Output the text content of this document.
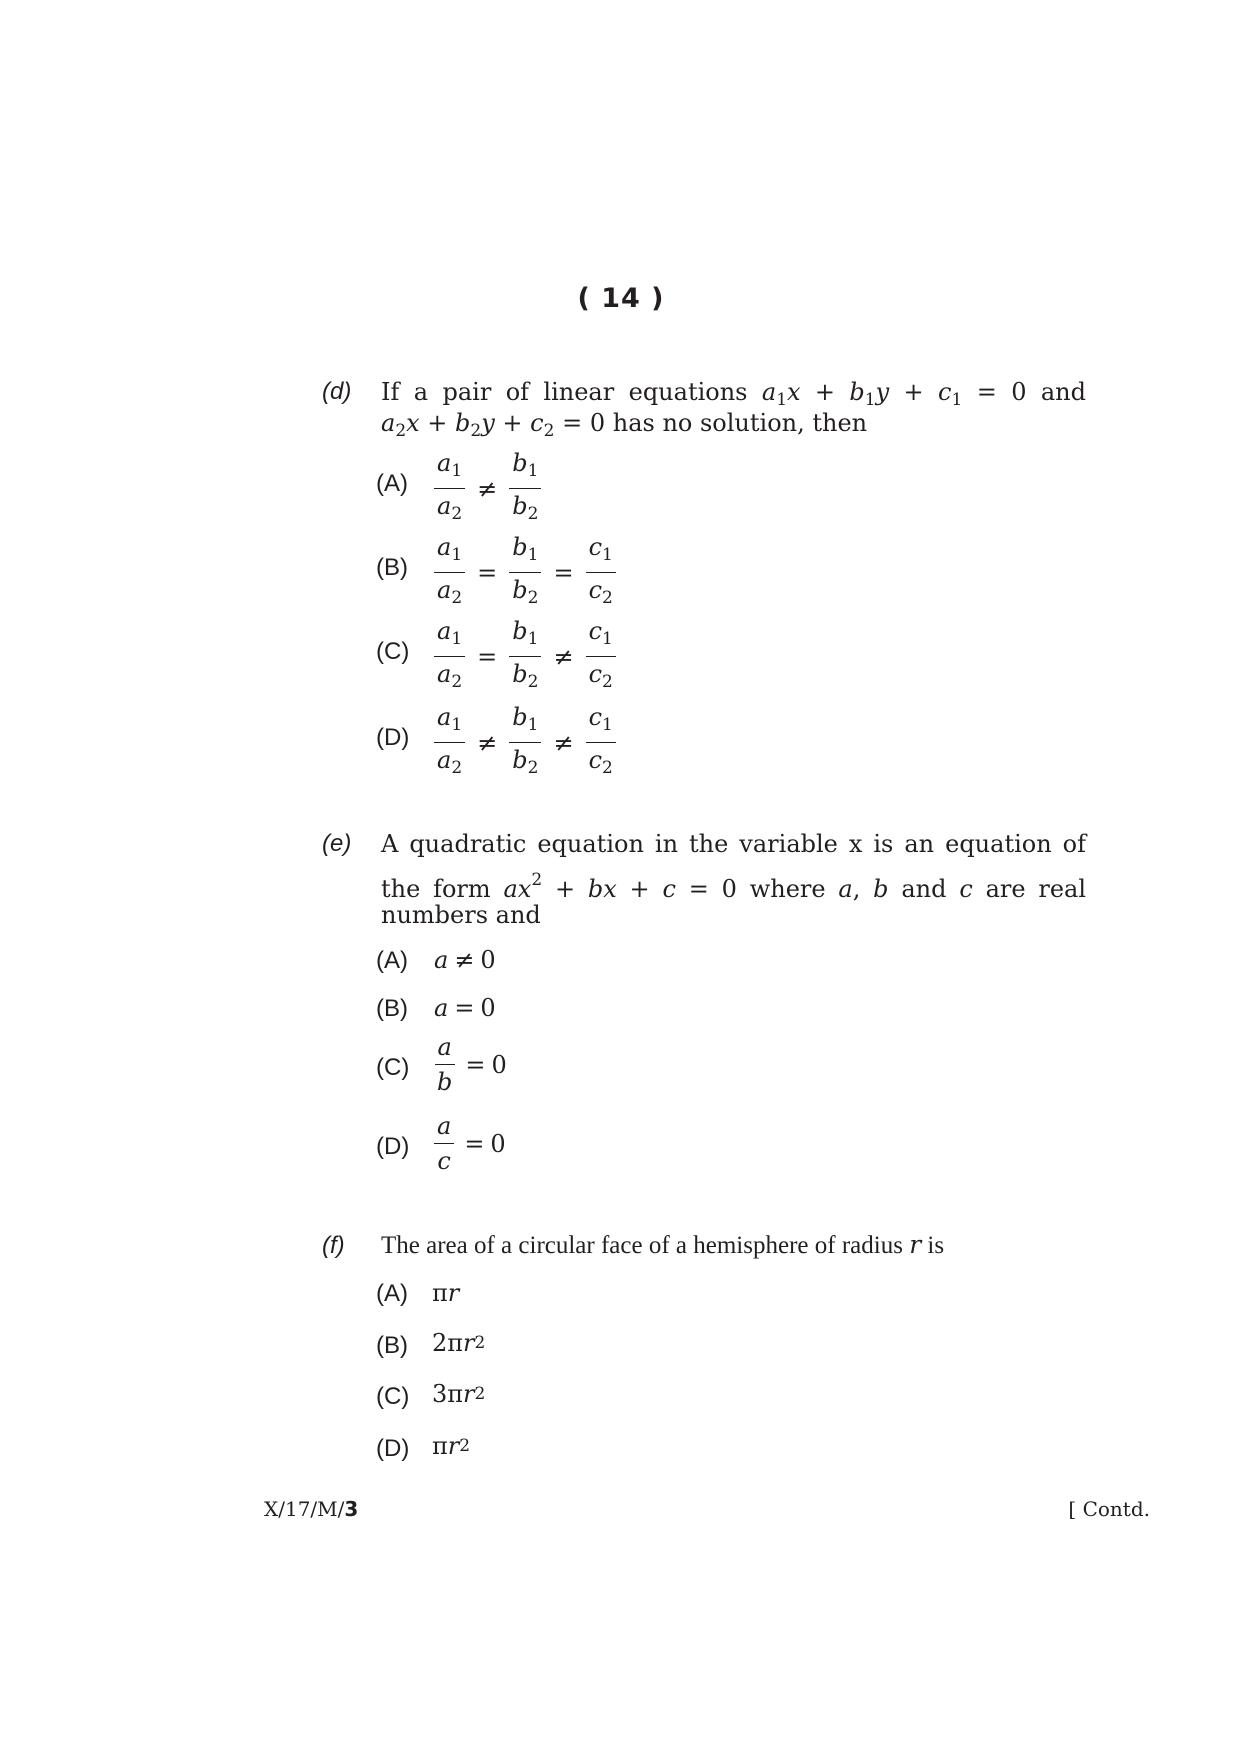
( 14 )
(d) If a pair of linear equations $a_1x + b_1y + c_1 = 0$ and
$a_2x + b_2y + c_2 = 0$ has no solution, then
$(A) \frac{a_1}{a_2} \ne \frac{b_1}{b_2}$
$(B) \frac{a_1}{a_2} = \frac{b_1}{b_2} = \frac{c_1}{c_2}$
$(C) \frac{a_1}{a_2} = \frac{b_1}{b_2} \ne \frac{c_1}{c_2}$
$(D) \frac{a_1}{a_2} \ne \frac{b_1}{b_2} \ne \frac{c_1}{c_2}$
(e) A quadratic equation in the variable x is an equation of
the form $ax^2$ + bx + c = 0 where a, b and c are real
numbers and
(A) a ≠ 0
(B) a = 0
$(C) \frac{a}{b} = 0$
$(D) \frac{a}{c} = 0$
(f) The area of a circular face of a hemisphere of radius r is
(A) π r
(B) 2π r 2
(C) 3π r 2
(D) π r 2
X/17/M/3	[ Contd.
